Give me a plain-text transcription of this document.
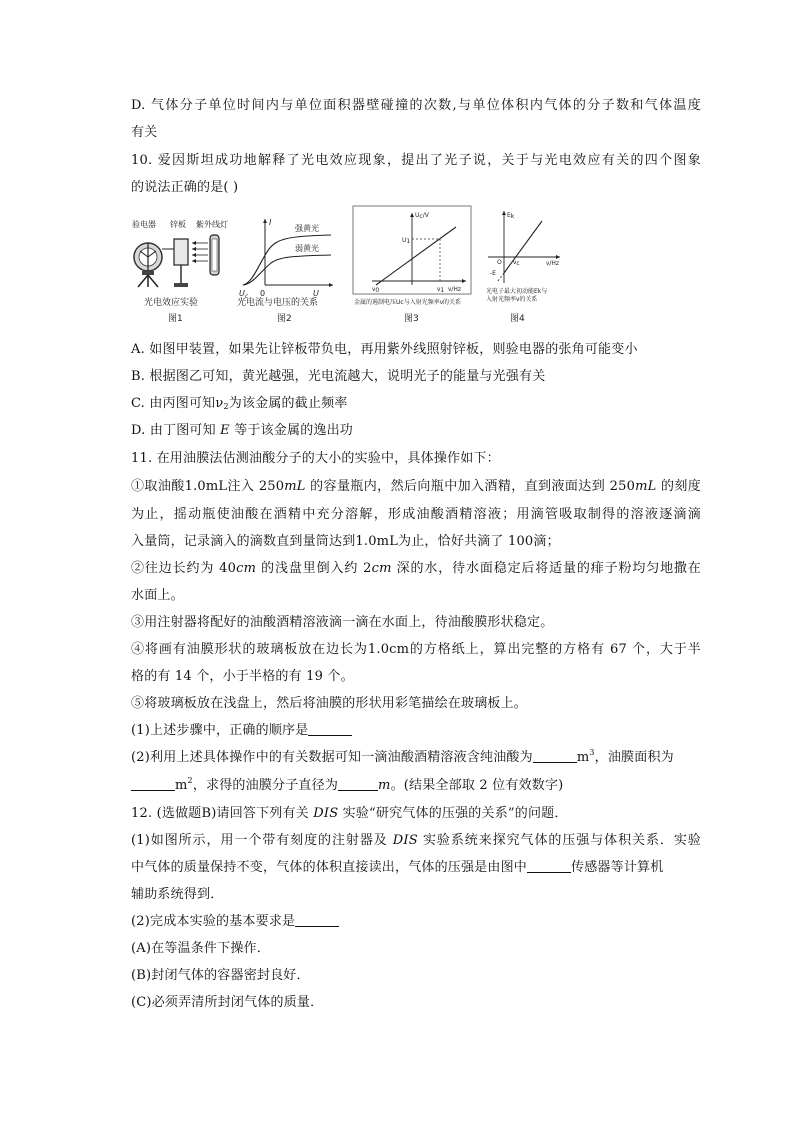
D. 气体分子单位时间内与单位面积器壁碰撞的次数,与单位体积内气体的分子数和气体温度
有关
10. 爱因斯坦成功地解释了光电效应现象，提出了光子说，关于与光电效应有关的四个图象
的说法正确的是( )
验电器 锌板 紫外线灯
光电效应实验
图1
I
U
0
$U_c$
强黄光
弱黄光
光电流与电压的关系
图2
Uc/V
U1
ν0	ν1 ν/Hz
金属的遏制电压Uc与入射光频率ν的关系
图3
Ek
ν/Hz
O νc
-E
光电子最大初动能Ek与
入射光频率ν的关系
图4
A. 如图甲装置，如果先让锌板带负电，再用紫外线照射锌板，则验电器的张角可能变小
B. 根据图乙可知，黄光越强，光电流越大，说明光子的能量与光强有关
C. 由丙图可知$\nu_2$为该金属的截止频率
D. 由丁图可知 E 等于该金属的逸出功
11. 在用油膜法估测油酸分子的大小的实验中，具体操作如下：
①取油酸1.0mL注入 250mL 的容量瓶内，然后向瓶中加入酒精，直到液面达到 250mL 的刻度
为止，摇动瓶使油酸在酒精中充分溶解，形成油酸酒精溶液；用滴管吸取制得的溶液逐滴滴
入量筒，记录滴入的滴数直到量筒达到1.0mL为止，恰好共滴了 100滴；
②往边长约为 40cm 的浅盘里倒入约 2cm 深的水，待水面稳定后将适量的痱子粉均匀地撒在
水面上。
③用注射器将配好的油酸酒精溶液滴一滴在水面上，待油酸膜形状稳定。
④将画有油膜形状的玻璃板放在边长为1.0cm的方格纸上，算出完整的方格有 67 个，大于半
格的有 14 个，小于半格的有 19 个。
⑤将玻璃板放在浅盘上，然后将油膜的形状用彩笔描绘在玻璃板上。
(1)上述步骤中，正确的顺序是
(2)利用上述具体操作中的有关数据可知一滴油酸酒精溶液含纯油酸为	$m^3$，油膜面积为
$m^2$，求得的油膜分子直径为	m。(结果全部取 2 位有效数字)
12. (选做题B)请回答下列有关 DIS 实验“研究气体的压强的关系”的问题．
(1)如图所示，用一个带有刻度的注射器及 DIS 实验系统来探究气体的压强与体积关系．实验
中气体的质量保持不变，气体的体积直接读出，气体的压强是由图中	传感器等计算机
辅助系统得到．
(2)完成本实验的基本要求是
(A)在等温条件下操作．
(B)封闭气体的容器密封良好．
(C)必须弄清所封闭气体的质量．
